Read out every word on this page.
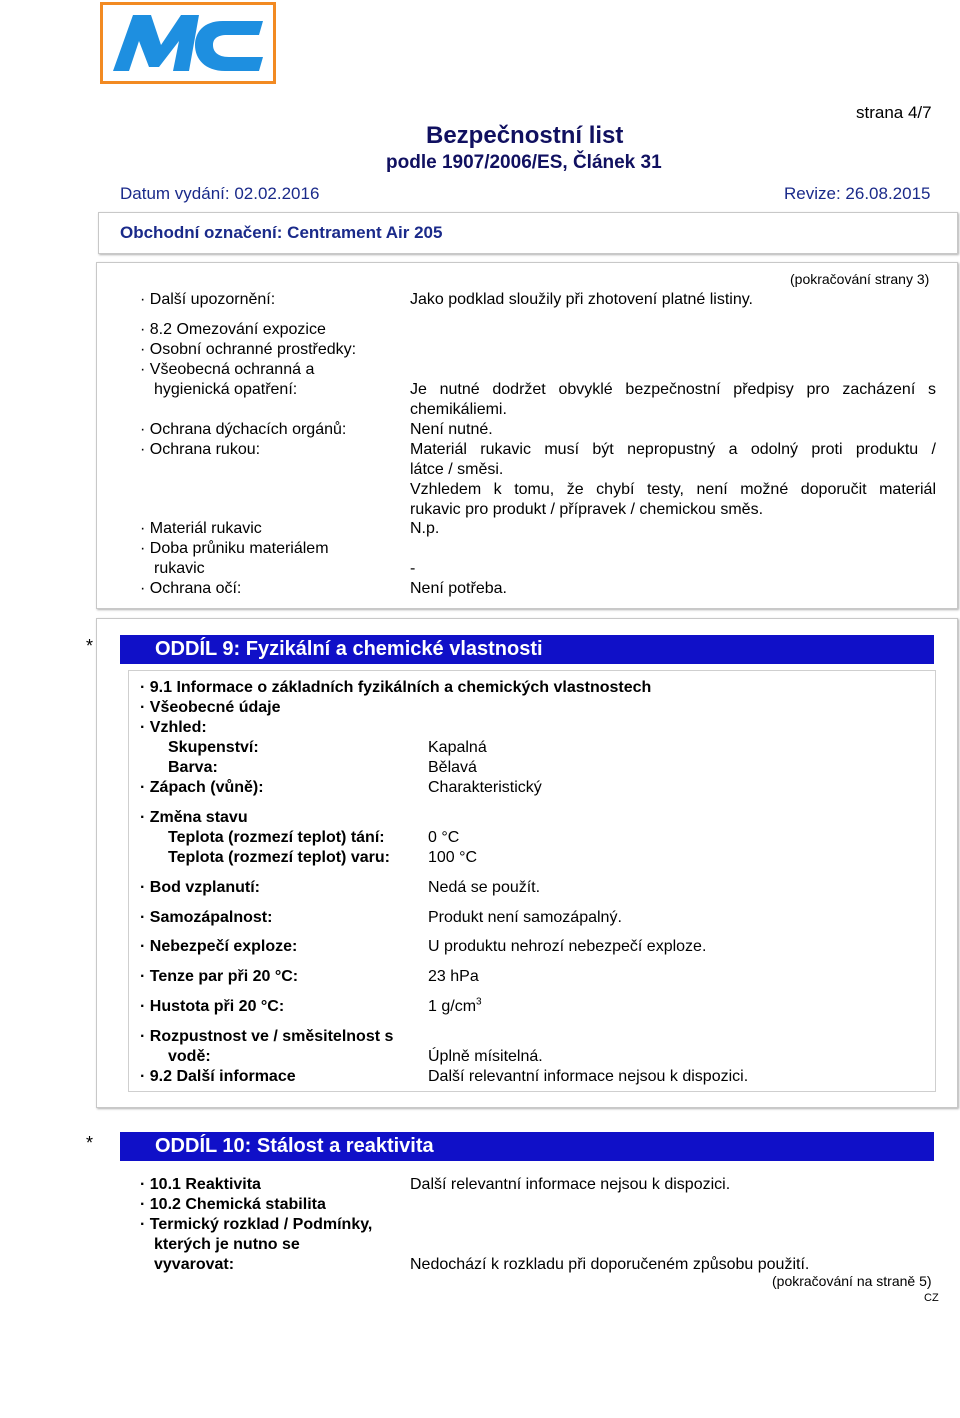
strana 4/7
Bezpečnostní list
podle 1907/2006/ES, Článek 31
Datum vydání: 02.02.2016	Revize: 26.08.2015
Obchodní označení: Centrament Air 205
(pokračování strany 3)
· Další upozornění:	Jako podklad sloužily při zhotovení platné listiny.
· 8.2 Omezování expozice
· Osobní ochranné prostředky:
· Všeobecná ochranná a
hygienická opatření:	Je nutné dodržet obvyklé bezpečnostní předpisy pro zacházení s
chemikáliemi.
· Ochrana dýchacích orgánů:	Není nutné.
· Ochrana rukou:	Materiál rukavic musí být nepropustný a odolný proti produktu /
látce / směsi.
Vzhledem k tomu, že chybí testy, není možné doporučit materiál
rukavic pro produkt / přípravek / chemickou směs.
· Materiál rukavic	N.p.
· Doba průniku materiálem
rukavic	-
· Ochrana očí:	Není potřeba.
*	ODDÍL 9: Fyzikální a chemické vlastnosti
· 9.1 Informace o základních fyzikálních a chemických vlastnostech
· Všeobecné údaje
· Vzhled:
Skupenství:	Kapalná
Barva:	Bělavá
· Zápach (vůně):	Charakteristický
· Změna stavu
Teplota (rozmezí teplot) tání:	0 °C
Teplota (rozmezí teplot) varu: 100 °C
· Bod vzplanutí:	Nedá se použít.
· Samozápalnost:	Produkt není samozápalný.
· Nebezpečí exploze:	U produktu nehrozí nebezpečí exploze.
· Tenze par při 20 °C:	23 hPa
· Hustota při 20 °C:	1 $g/cm^3$
· Rozpustnost ve / směsitelnost s
vodě:	Úplně mísitelná.
· 9.2 Další informace	Další relevantní informace nejsou k dispozici.
*	ODDÍL 10: Stálost a reaktivita
· 10.1 Reaktivita	Další relevantní informace nejsou k dispozici.
· 10.2 Chemická stabilita
· Termický rozklad / Podmínky,
kterých je nutno se
vyvarovat:	Nedochází k rozkladu při doporučeném způsobu použití.
(pokračování na straně 5)
CZ
